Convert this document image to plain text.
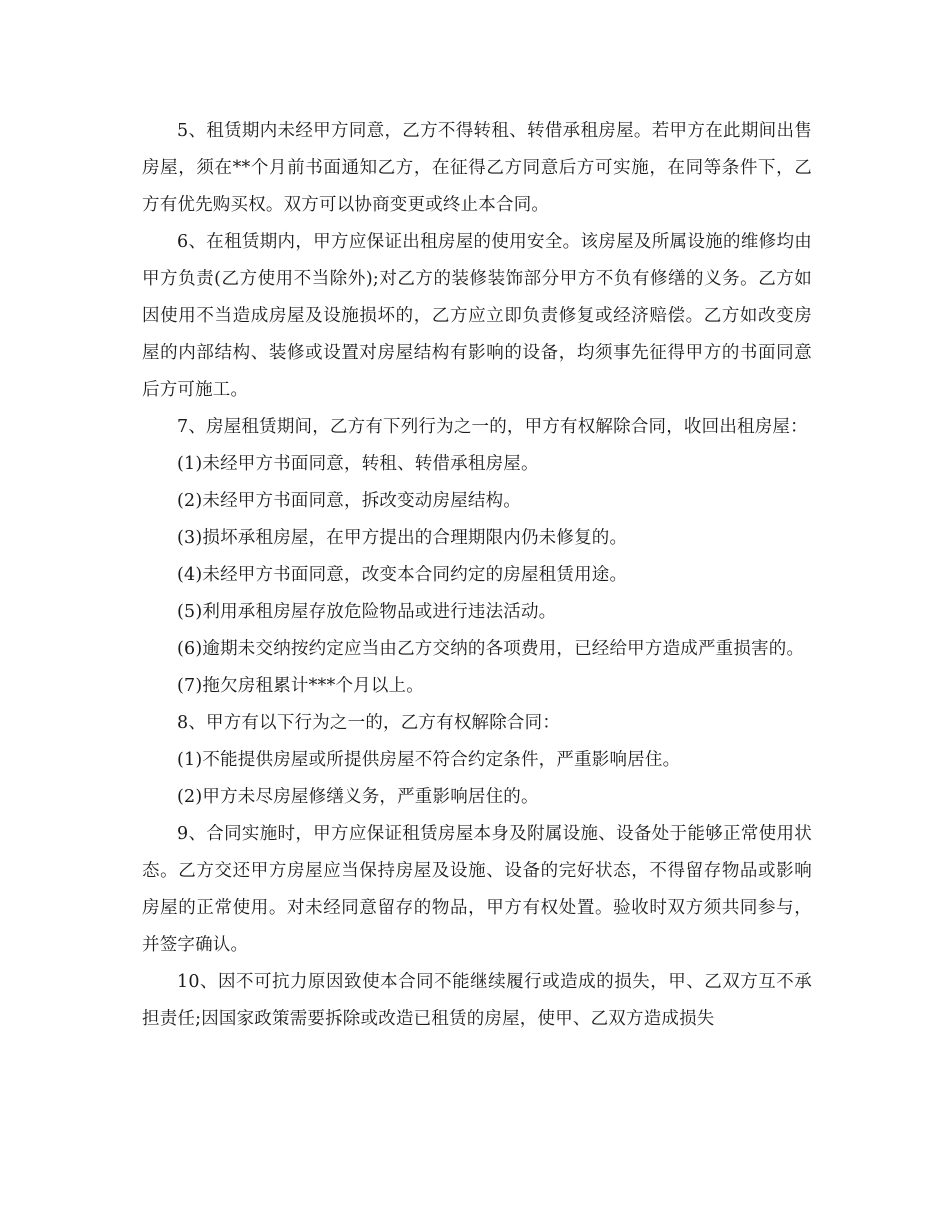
5、租赁期内未经甲方同意，乙方不得转租、转借承租房屋。若甲方在此期间出售房屋，须在**个月前书面通知乙方，在征得乙方同意后方可实施，在同等条件下，乙方有优先购买权。双方可以协商变更或终止本合同。

6、在租赁期内，甲方应保证出租房屋的使用安全。该房屋及所属设施的维修均由甲方负责(乙方使用不当除外);对乙方的装修装饰部分甲方不负有修缮的义务。乙方如因使用不当造成房屋及设施损坏的，乙方应立即负责修复或经济赔偿。乙方如改变房屋的内部结构、装修或设置对房屋结构有影响的设备，均须事先征得甲方的书面同意后方可施工。

7、房屋租赁期间，乙方有下列行为之一的，甲方有权解除合同，收回出租房屋：

(1)未经甲方书面同意，转租、转借承租房屋。

(2)未经甲方书面同意，拆改变动房屋结构。

(3)损坏承租房屋，在甲方提出的合理期限内仍未修复的。

(4)未经甲方书面同意，改变本合同约定的房屋租赁用途。

(5)利用承租房屋存放危险物品或进行违法活动。

(6)逾期未交纳按约定应当由乙方交纳的各项费用，已经给甲方造成严重损害的。

(7)拖欠房租累计***个月以上。

8、甲方有以下行为之一的，乙方有权解除合同：

(1)不能提供房屋或所提供房屋不符合约定条件，严重影响居住。

(2)甲方未尽房屋修缮义务，严重影响居住的。

9、合同实施时，甲方应保证租赁房屋本身及附属设施、设备处于能够正常使用状态。乙方交还甲方房屋应当保持房屋及设施、设备的完好状态，不得留存物品或影响房屋的正常使用。对未经同意留存的物品，甲方有权处置。验收时双方须共同参与，并签字确认。

10、因不可抗力原因致使本合同不能继续履行或造成的损失，甲、乙双方互不承担责任;因国家政策需要拆除或改造已租赁的房屋，使甲、乙双方造成损失
